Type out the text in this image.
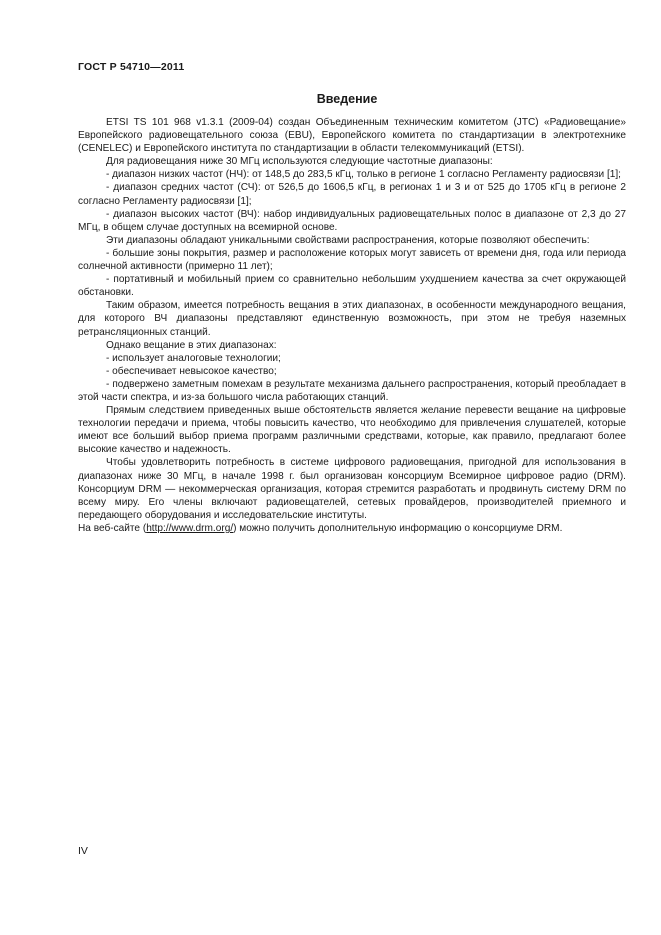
ГОСТ Р 54710—2011
Введение

ETSI TS 101 968 v1.3.1 (2009-04) создан Объединенным техническим комитетом (JTC) «Радиовещание» Европейского радиовещательного союза (EBU), Европейского комитета по стандартизации в электротехнике (CENELEC) и Европейского института по стандартизации в области телекоммуникаций (ETSI).

Для радиовещания ниже 30 МГц используются следующие частотные диапазоны:

- диапазон низких частот (НЧ): от 148,5 до 283,5 кГц, только в регионе 1 согласно Регламенту радиосвязи [1];

- диапазон средних частот (СЧ): от 526,5 до 1606,5 кГц, в регионах 1 и 3 и от 525 до 1705 кГц в регионе 2 согласно Регламенту радиосвязи [1];

- диапазон высоких частот (ВЧ): набор индивидуальных радиовещательных полос в диапазоне от 2,3 до 27 МГц, в общем случае доступных на всемирной основе.

Эти диапазоны обладают уникальными свойствами распространения, которые позволяют обеспечить:

- большие зоны покрытия, размер и расположение которых могут зависеть от времени дня, года или периода солнечной активности (примерно 11 лет);

- портативный и мобильный прием со сравнительно небольшим ухудшением качества за счет окружающей обстановки.

Таким образом, имеется потребность вещания в этих диапазонах, в особенности международного вещания, для которого ВЧ диапазоны представляют единственную возможность, при этом не требуя наземных ретрансляционных станций.

Однако вещание в этих диапазонах:

- использует аналоговые технологии;

- обеспечивает невысокое качество;

- подвержено заметным помехам в результате механизма дальнего распространения, который преобладает в этой части спектра, и из-за большого числа работающих станций.

Прямым следствием приведенных выше обстоятельств является желание перевести вещание на цифровые технологии передачи и приема, чтобы повысить качество, что необходимо для привлечения слушателей, которые имеют все больший выбор приема программ различными средствами, которые, как правило, предлагают более высокие качество и надежность.

Чтобы удовлетворить потребность в системе цифрового радиовещания, пригодной для использования в диапазонах ниже 30 МГц, в начале 1998 г. был организован консорциум Всемирное цифровое радио (DRM). Консорциум DRM — некоммерческая организация, которая стремится разработать и продвинуть систему DRM по всему миру. Его члены включают радиовещателей, сетевых провайдеров, производителей приемного и передающего оборудования и исследовательские институты.

На веб-сайте (http://www.drm.org/) можно получить дополнительную информацию о консорциуме DRM.

IV
